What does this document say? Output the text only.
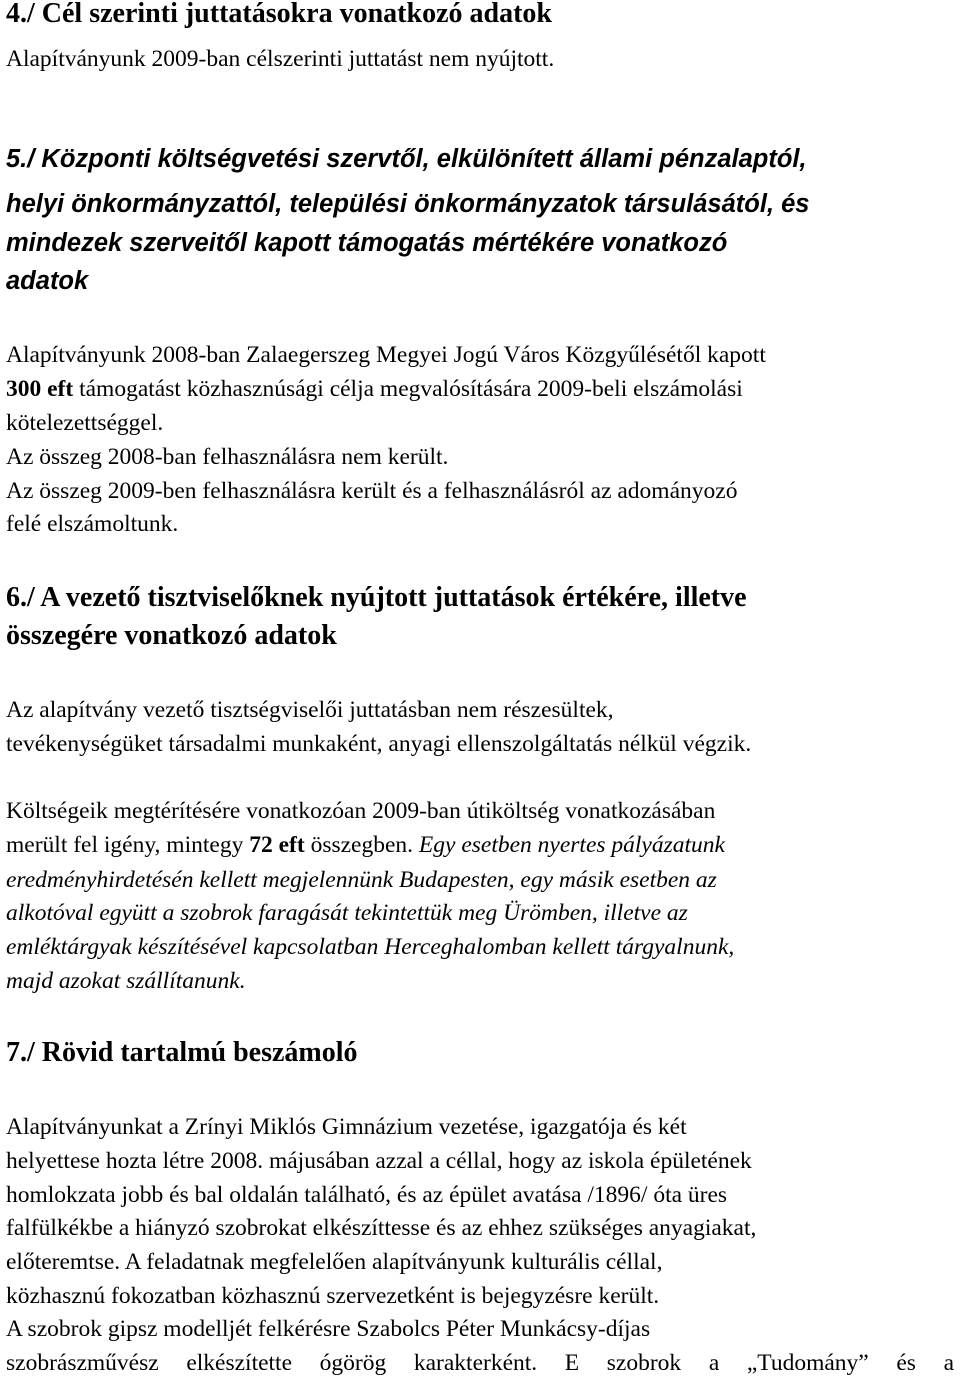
4./ Cél szerinti juttatásokra vonatkozó adatok
Alapítványunk 2009-ban célszerinti juttatást nem nyújtott.
5./ Központi költségvetési szervtől, elkülönített állami pénzalaptól,
helyi önkormányzattól, települési önkormányzatok társulásától, és
mindezek szerveitől kapott támogatás mértékére vonatkozó
adatok
Alapítványunk 2008-ban Zalaegerszeg Megyei Jogú Város Közgyűlésétől kapott
300 eft támogatást közhasznúsági célja megvalósítására 2009-beli elszámolási
kötelezettséggel.
Az összeg 2008-ban felhasználásra nem került.
Az összeg 2009-ben felhasználásra került és a felhasználásról az adományozó
felé elszámoltunk.
6./ A vezető tisztviselőknek nyújtott juttatások értékére, illetve
összegére vonatkozó adatok
Az alapítvány vezető tisztségviselői juttatásban nem részesültek,
tevékenységüket társadalmi munkaként, anyagi ellenszolgáltatás nélkül végzik.
Költségeik megtérítésére vonatkozóan 2009-ban útiköltség vonatkozásában
merült fel igény, mintegy 72 eft összegben. Egy esetben nyertes pályázatunk
eredményhirdetésén kellett megjelennünk Budapesten, egy másik esetben az
alkotóval együtt a szobrok faragását tekintettük meg Ürömben, illetve az
emléktárgyak készítésével kapcsolatban Herceghalomban kellett tárgyalnunk,
majd azokat szállítanunk.
7./ Rövid tartalmú beszámoló
Alapítványunkat a Zrínyi Miklós Gimnázium vezetése, igazgatója és két
helyettese hozta létre 2008. májusában azzal a céllal, hogy az iskola épületének
homlokzata jobb és bal oldalán található, és az épület avatása /1896/ óta üres
falfülkékbe a hiányzó szobrokat elkészíttesse és az ehhez szükséges anyagiakat,
előteremtse. A feladatnak megfelelően alapítványunk kulturális céllal,
közhasznú fokozatban közhasznú szervezetként is bejegyzésre került.
A szobrok gipsz modelljét felkérésre Szabolcs Péter Munkácsy-díjas
szobrászművész elkészítette ógörög karakterként. E szobrok a „Tudomány” és a
